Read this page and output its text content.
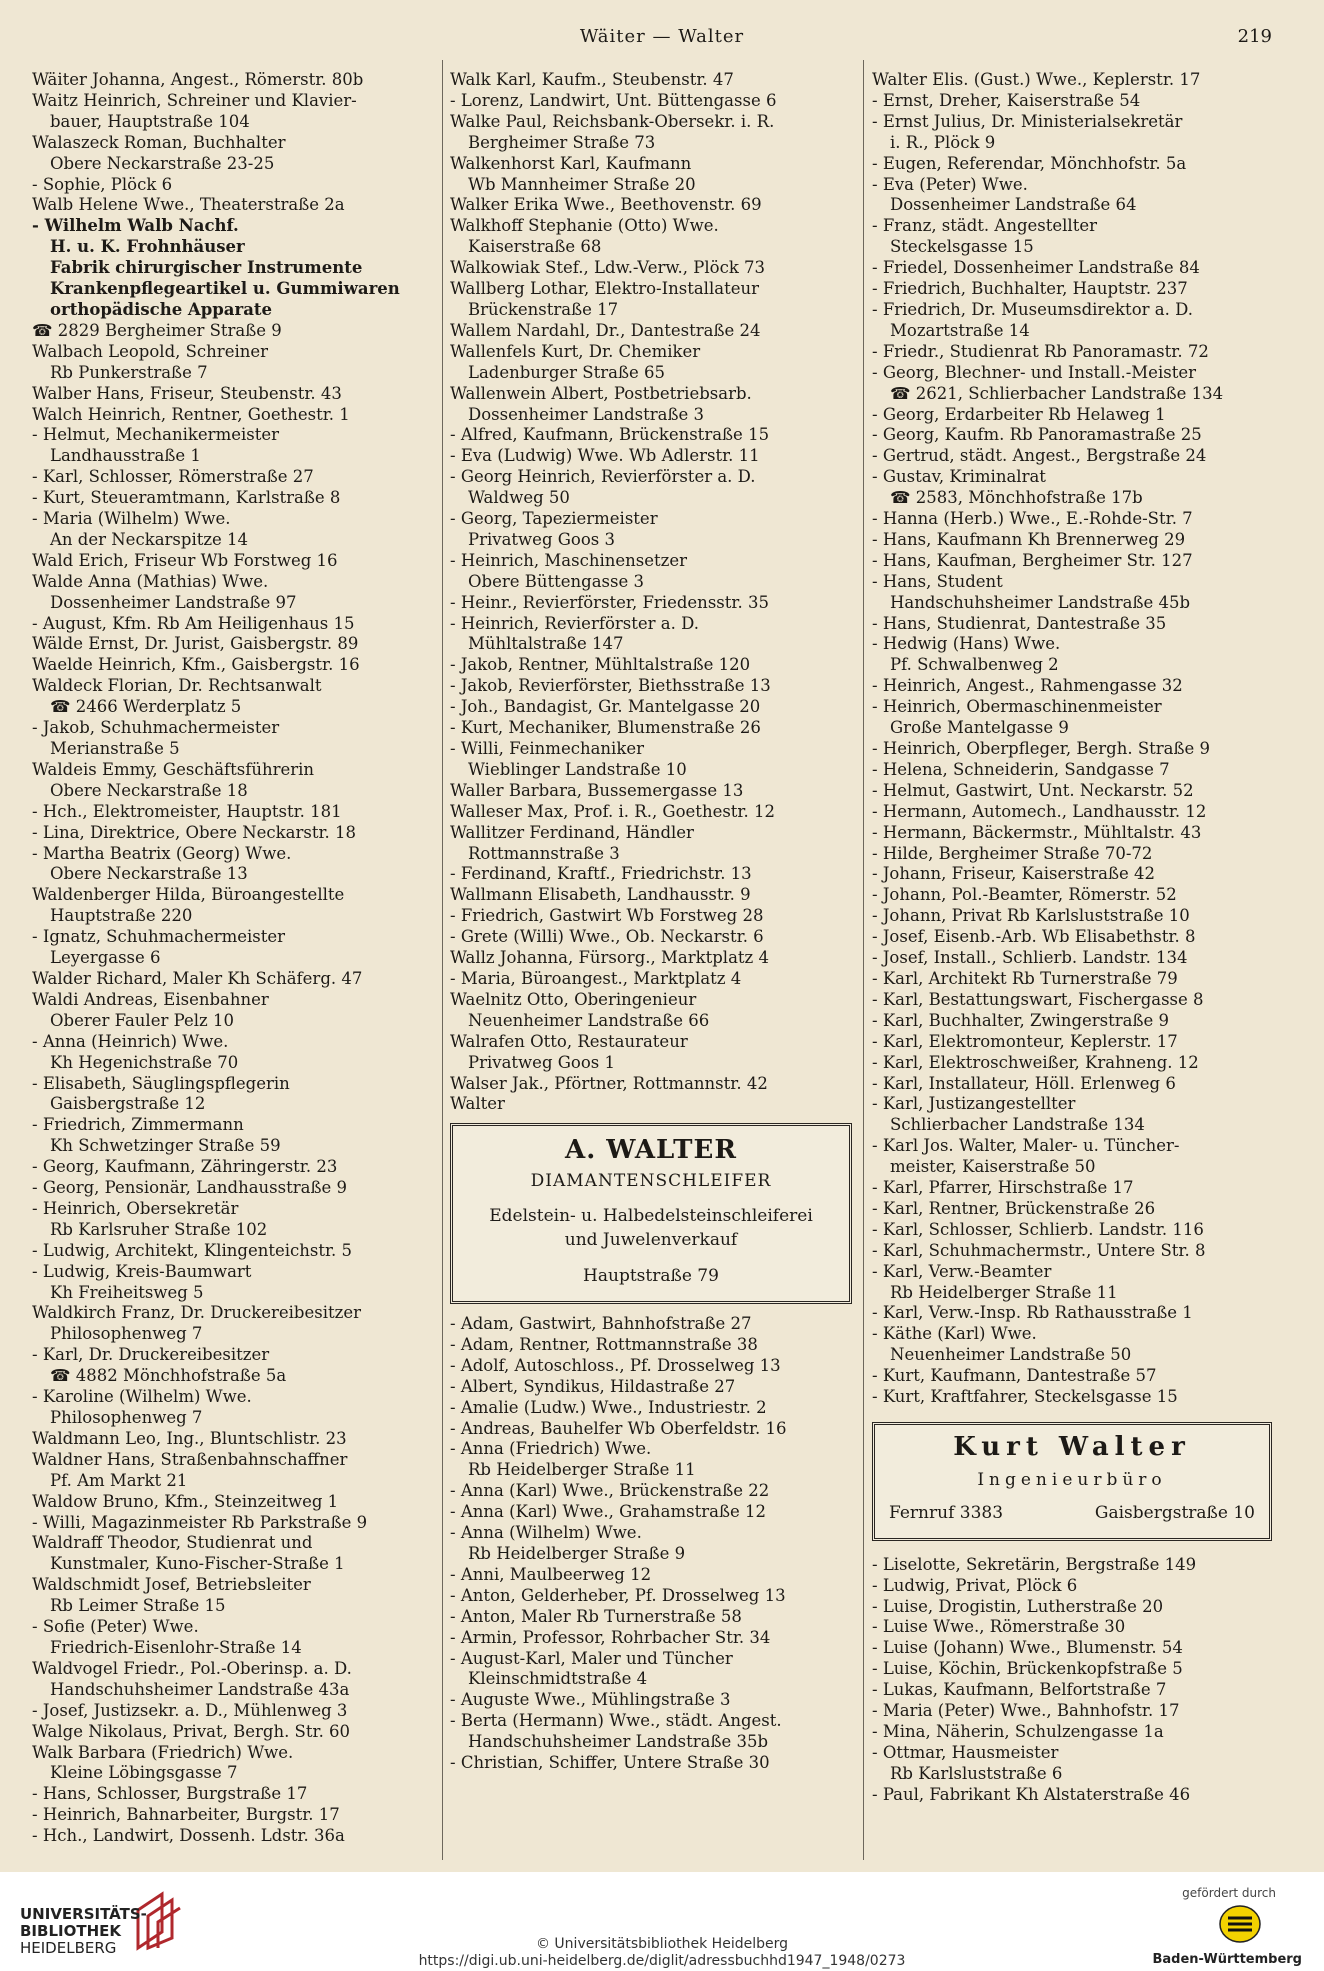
Wäiter — Walter	219
Wäiter Johanna, Angest., Römerstr. 80b
Waitz Heinrich, Schreiner und Klavier-
bauer, Hauptstraße 104
Walaszeck Roman, Buchhalter
Obere Neckarstraße 23-25
- Sophie, Plöck 6
Walb Helene Wwe., Theaterstraße 2a
- Wilhelm Walb Nachf.
H. u. K. Frohnhäuser
Fabrik chirurgischer Instrumente
Krankenpflegeartikel u. Gummiwaren
orthopädische Apparate
☎ 2829 Bergheimer Straße 9
Walbach Leopold, Schreiner
Rb Punkerstraße 7
Walber Hans, Friseur, Steubenstr. 43
Walch Heinrich, Rentner, Goethestr. 1
- Helmut, Mechanikermeister
Landhausstraße 1
- Karl, Schlosser, Römerstraße 27
- Kurt, Steueramtmann, Karlstraße 8
- Maria (Wilhelm) Wwe.
An der Neckarspitze 14
Wald Erich, Friseur Wb Forstweg 16
Walde Anna (Mathias) Wwe.
Dossenheimer Landstraße 97
- August, Kfm. Rb Am Heiligenhaus 15
Wälde Ernst, Dr. Jurist, Gaisbergstr. 89
Waelde Heinrich, Kfm., Gaisbergstr. 16
Waldeck Florian, Dr. Rechtsanwalt
☎ 2466 Werderplatz 5
- Jakob, Schuhmachermeister
Merianstraße 5
Waldeis Emmy, Geschäftsführerin
Obere Neckarstraße 18
- Hch., Elektromeister, Hauptstr. 181
- Lina, Direktrice, Obere Neckarstr. 18
- Martha Beatrix (Georg) Wwe.
Obere Neckarstraße 13
Waldenberger Hilda, Büroangestellte
Hauptstraße 220
- Ignatz, Schuhmachermeister
Leyergasse 6
Walder Richard, Maler Kh Schäferg. 47
Waldi Andreas, Eisenbahner
Oberer Fauler Pelz 10
- Anna (Heinrich) Wwe.
Kh Hegenichstraße 70
- Elisabeth, Säuglingspflegerin
Gaisbergstraße 12
- Friedrich, Zimmermann
Kh Schwetzinger Straße 59
- Georg, Kaufmann, Zähringerstr. 23
- Georg, Pensionär, Landhausstraße 9
- Heinrich, Obersekretär
Rb Karlsruher Straße 102
- Ludwig, Architekt, Klingenteichstr. 5
- Ludwig, Kreis-Baumwart
Kh Freiheitsweg 5
Waldkirch Franz, Dr. Druckereibesitzer
Philosophenweg 7
- Karl, Dr. Druckereibesitzer
☎ 4882 Mönchhofstraße 5a
- Karoline (Wilhelm) Wwe.
Philosophenweg 7
Waldmann Leo, Ing., Bluntschlistr. 23
Waldner Hans, Straßenbahnschaffner
Pf. Am Markt 21
Waldow Bruno, Kfm., Steinzeitweg 1
- Willi, Magazinmeister Rb Parkstraße 9
Waldraff Theodor, Studienrat und
Kunstmaler, Kuno-Fischer-Straße 1
Waldschmidt Josef, Betriebsleiter
Rb Leimer Straße 15
- Sofie (Peter) Wwe.
Friedrich-Eisenlohr-Straße 14
Waldvogel Friedr., Pol.-Oberinsp. a. D.
Handschuhsheimer Landstraße 43a
- Josef, Justizsekr. a. D., Mühlenweg 3
Walge Nikolaus, Privat, Bergh. Str. 60
Walk Barbara (Friedrich) Wwe.
Kleine Löbingsgasse 7
- Hans, Schlosser, Burgstraße 17
- Heinrich, Bahnarbeiter, Burgstr. 17
- Hch., Landwirt, Dossenh. Ldstr. 36a
Walk Karl, Kaufm., Steubenstr. 47
- Lorenz, Landwirt, Unt. Büttengasse 6
Walke Paul, Reichsbank-Obersekr. i. R.
Bergheimer Straße 73
Walkenhorst Karl, Kaufmann
Wb Mannheimer Straße 20
Walker Erika Wwe., Beethovenstr. 69
Walkhoff Stephanie (Otto) Wwe.
Kaiserstraße 68
Walkowiak Stef., Ldw.-Verw., Plöck 73
Wallberg Lothar, Elektro-Installateur
Brückenstraße 17
Wallem Nardahl, Dr., Dantestraße 24
Wallenfels Kurt, Dr. Chemiker
Ladenburger Straße 65
Wallenwein Albert, Postbetriebsarb.
Dossenheimer Landstraße 3
- Alfred, Kaufmann, Brückenstraße 15
- Eva (Ludwig) Wwe. Wb Adlerstr. 11
- Georg Heinrich, Revierförster a. D.
Waldweg 50
- Georg, Tapeziermeister
Privatweg Goos 3
- Heinrich, Maschinensetzer
Obere Büttengasse 3
- Heinr., Revierförster, Friedensstr. 35
- Heinrich, Revierförster a. D.
Mühltalstraße 147
- Jakob, Rentner, Mühltalstraße 120
- Jakob, Revierförster, Biethsstraße 13
- Joh., Bandagist, Gr. Mantelgasse 20
- Kurt, Mechaniker, Blumenstraße 26
- Willi, Feinmechaniker
Wieblinger Landstraße 10
Waller Barbara, Bussemergasse 13
Walleser Max, Prof. i. R., Goethestr. 12
Wallitzer Ferdinand, Händler
Rottmannstraße 3
- Ferdinand, Kraftf., Friedrichstr. 13
Wallmann Elisabeth, Landhausstr. 9
- Friedrich, Gastwirt Wb Forstweg 28
- Grete (Willi) Wwe., Ob. Neckarstr. 6
Wallz Johanna, Fürsorg., Marktplatz 4
- Maria, Büroangest., Marktplatz 4
Waelnitz Otto, Oberingenieur
Neuenheimer Landstraße 66
Walrafen Otto, Restaurateur
Privatweg Goos 1
Walser Jak., Pförtner, Rottmannstr. 42
Walter
A. WALTER
DIAMANTENSCHLEIFER
Edelstein- u. Halbedelsteinschleiferei
und Juwelenverkauf
Hauptstraße 79
- Adam, Gastwirt, Bahnhofstraße 27
- Adam, Rentner, Rottmannstraße 38
- Adolf, Autoschloss., Pf. Drosselweg 13
- Albert, Syndikus, Hildastraße 27
- Amalie (Ludw.) Wwe., Industriestr. 2
- Andreas, Bauhelfer Wb Oberfeldstr. 16
- Anna (Friedrich) Wwe.
Rb Heidelberger Straße 11
- Anna (Karl) Wwe., Brückenstraße 22
- Anna (Karl) Wwe., Grahamstraße 12
- Anna (Wilhelm) Wwe.
Rb Heidelberger Straße 9
- Anni, Maulbeerweg 12
- Anton, Gelderheber, Pf. Drosselweg 13
- Anton, Maler Rb Turnerstraße 58
- Armin, Professor, Rohrbacher Str. 34
- August-Karl, Maler und Tüncher
Kleinschmidtstraße 4
- Auguste Wwe., Mühlingstraße 3
- Berta (Hermann) Wwe., städt. Angest.
Handschuhsheimer Landstraße 35b
- Christian, Schiffer, Untere Straße 30
Walter Elis. (Gust.) Wwe., Keplerstr. 17
- Ernst, Dreher, Kaiserstraße 54
- Ernst Julius, Dr. Ministerialsekretär
i. R., Plöck 9
- Eugen, Referendar, Mönchhofstr. 5a
- Eva (Peter) Wwe.
Dossenheimer Landstraße 64
- Franz, städt. Angestellter
Steckelsgasse 15
- Friedel, Dossenheimer Landstraße 84
- Friedrich, Buchhalter, Hauptstr. 237
- Friedrich, Dr. Museumsdirektor a. D.
Mozartstraße 14
- Friedr., Studienrat Rb Panoramastr. 72
- Georg, Blechner- und Install.-Meister
☎ 2621, Schlierbacher Landstraße 134
- Georg, Erdarbeiter Rb Helaweg 1
- Georg, Kaufm. Rb Panoramastraße 25
- Gertrud, städt. Angest., Bergstraße 24
- Gustav, Kriminalrat
☎ 2583, Mönchhofstraße 17b
- Hanna (Herb.) Wwe., E.-Rohde-Str. 7
- Hans, Kaufmann Kh Brennerweg 29
- Hans, Kaufman, Bergheimer Str. 127
- Hans, Student
Handschuhsheimer Landstraße 45b
- Hans, Studienrat, Dantestraße 35
- Hedwig (Hans) Wwe.
Pf. Schwalbenweg 2
- Heinrich, Angest., Rahmengasse 32
- Heinrich, Obermaschinenmeister
Große Mantelgasse 9
- Heinrich, Oberpfleger, Bergh. Straße 9
- Helena, Schneiderin, Sandgasse 7
- Helmut, Gastwirt, Unt. Neckarstr. 52
- Hermann, Automech., Landhausstr. 12
- Hermann, Bäckermstr., Mühltalstr. 43
- Hilde, Bergheimer Straße 70-72
- Johann, Friseur, Kaiserstraße 42
- Johann, Pol.-Beamter, Römerstr. 52
- Johann, Privat Rb Karlsluststraße 10
- Josef, Eisenb.-Arb. Wb Elisabethstr. 8
- Josef, Install., Schlierb. Landstr. 134
- Karl, Architekt Rb Turnerstraße 79
- Karl, Bestattungswart, Fischergasse 8
- Karl, Buchhalter, Zwingerstraße 9
- Karl, Elektromonteur, Keplerstr. 17
- Karl, Elektroschweißer, Krahneng. 12
- Karl, Installateur, Höll. Erlenweg 6
- Karl, Justizangestellter
Schlierbacher Landstraße 134
- Karl Jos. Walter, Maler- u. Tüncher-
meister, Kaiserstraße 50
- Karl, Pfarrer, Hirschstraße 17
- Karl, Rentner, Brückenstraße 26
- Karl, Schlosser, Schlierb. Landstr. 116
- Karl, Schuhmachermstr., Untere Str. 8
- Karl, Verw.-Beamter
Rb Heidelberger Straße 11
- Karl, Verw.-Insp. Rb Rathausstraße 1
- Käthe (Karl) Wwe.
Neuenheimer Landstraße 50
- Kurt, Kaufmann, Dantestraße 57
- Kurt, Kraftfahrer, Steckelsgasse 15
Kurt Walter
Ingenieurbüro
Fernruf 3383	Gaisbergstraße 10
- Liselotte, Sekretärin, Bergstraße 149
- Ludwig, Privat, Plöck 6
- Luise, Drogistin, Lutherstraße 20
- Luise Wwe., Römerstraße 30
- Luise (Johann) Wwe., Blumenstr. 54
- Luise, Köchin, Brückenkopfstraße 5
- Lukas, Kaufmann, Belfortstraße 7
- Maria (Peter) Wwe., Bahnhofstr. 17
- Mina, Näherin, Schulzengasse 1a
- Ottmar, Hausmeister
Rb Karlsluststraße 6
- Paul, Fabrikant Kh Alstaterstraße 46
UNIVERSITÄTS-
BIBLIOTHEK
HEIDELBERG	© Universitätsbibliothek Heidelberg
https://digi.ub.uni-heidelberg.de/diglit/adressbuchhd1947_1948/0273
gefördert durch
Baden-Württemberg
